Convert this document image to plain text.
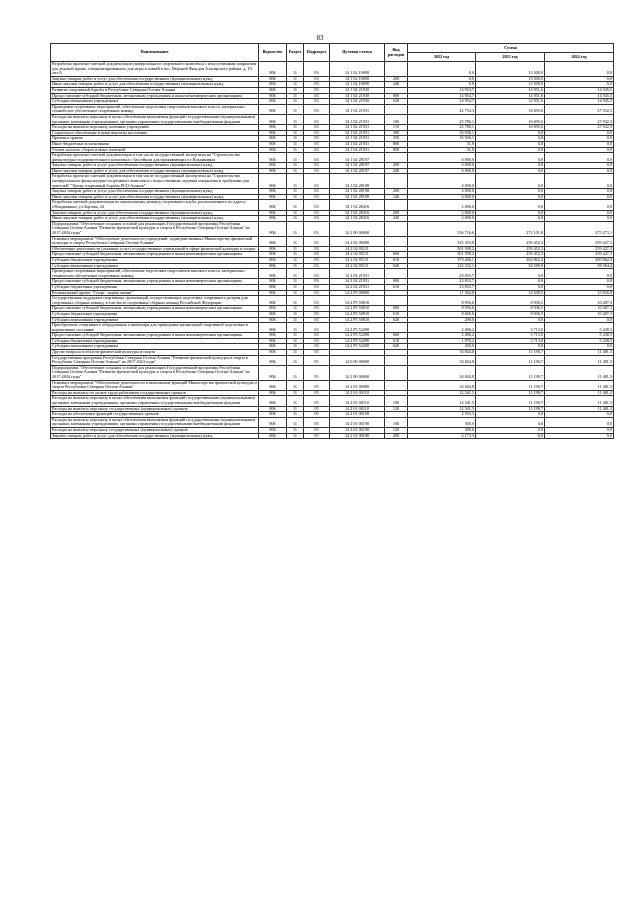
83
Наименование	Ведомство	Раздел	Подраздел	Целевая статья	Вид расходов	Сумма		
						2022 год	2023 год	2024 год
Разработка проектно-сметной документации универсального спортивного комплекса с искусственным покрытием для ледовой арены, специализированного для игры в хоккей в пос. Верхний Фиагдон Алагирского района, д. 10 лит.А	806	11	03	14 1 02 10690		0,0	13 500,0	0,0
Закупка товаров, работ и услуг для обеспечения государственных (муниципальных) нужд	806	11	03	14 1 02 10690	200	0,0	13 500,0	0,0
Иные закупки товаров, работ и услуг для обеспечения государственных (муниципальных) нужд	806	11	03	14 1 02 10690	240	0,0	13 500,0	0,0
Развитие спортивной борьбы в Республике Северная Осетия-Алания	806	11	03	14 1 02 21930		14 954,7	14 951,6	14 945,5
Предоставление субсидий бюджетным, автономным учреждениям и иным некоммерческим организациям	806	11	03	14 1 02 21930	600	14 954,7	14 951,6	14 945,5
Субсидии автономным учреждениям	806	11	03	14 1 02 21930	620	14 954,7	14 951,6	14 945,5
Проведение спортивных мероприятий, обеспечение подготовки спортсменов высокого класса, материально-техническое обеспечение спортивных команд	806	11	03	14 1 02 21931		42 754,3	16 695,6	27 932,5
Расходы на выплаты персоналу в целях обеспечения выполнения функций государственными (муниципальными) органами, казенными учреждениями, органами управления государственными внебюджетными фондами	806	11	03	14 1 02 21931	100	25 786,1	16 695,6	27 932,5
Расходы на выплаты персоналу казенных учреждений	806	11	03	14 1 02 21931	110	25 786,1	16 695,6	27 932,5
Социальное обеспечение и иные выплаты населению	806	11	03	14 1 02 21931	300	16 936,1	0,0	0,0
Премии и гранты	806	11	03	14 1 02 21931	350	16 936,1	0,0	0,0
Иные бюджетные ассигнования	806	11	03	14 1 02 21931	800	31,8	0,0	0,0
Уплата налогов, сборов и иных платежей	806	11	03	14 1 02 21931	850	31,8	0,0	0,0
Разработка проектно-сметной документации в том числе государственной экспертизы на "Строительство физкультурно-оздоровительного комплекса с бассейном для проживающих в г.Владикавказ	806	11	03	14 1 02 28197		6 000,0	0,0	0,0
Закупка товаров, работ и услуг для обеспечения государственных (муниципальных) нужд	806	11	03	14 1 02 28197	200	6 000,0	0,0	0,0
Иные закупки товаров, работ и услуг для обеспечения государственных (муниципальных) нужд	806	11	03	14 1 02 28197	240	6 000,0	0,0	0,0
Разработка проектно-сметной документации в том числе государственной экспертизы на "Строительство универсального физкультурно-спортивного комплекса с искусственным ледовым покрытием и трибунами для зрителей" "Центр спортивной борьбы РСО-Алания"	806	11	03	14 1 02 28198		4 000,0	0,0	0,0
Закупка товаров, работ и услуг для обеспечения государственных (муниципальных) нужд	806	11	03	14 1 02 28198	200	4 000,0	0,0	0,0
Иные закупки товаров, работ и услуг для обеспечения государственных (муниципальных) нужд	806	11	03	14 1 02 28198	240	4 000,0	0,0	0,0
Разработка сметной документации по капитальному ремонту спортивного клуба, расположенного по адресу: г.Владикавказ, ул.Зортова, 24	806	11	03	14 1 02 28416		2 000,0	0,0	0,0
Закупка товаров, работ и услуг для обеспечения государственных (муниципальных) нужд	806	11	03	14 1 02 28416	200	2 000,0	0,0	0,0
Иные закупки товаров, работ и услуг для обеспечения государственных (муниципальных) нужд	806	11	03	14 1 02 28416	240	2 000,0	0,0	0,0
Подпрограмма "Обеспечение создания условий для реализации Государственной программы Республики Северная Осетия-Алания "Развитие физической культуры и спорта в Республике Северная Осетия-Алания" на 2017-2024 годы"	806	11	03	14 2 00 00000		536 716,6	272 101,8	275 273,1
Основное мероприятие "Обеспечение деятельности учреждений, подведомственных Министерству физической культуры и спорта Республики Северная Осетия-Алания"	806	11	03	14 2 02 00000		525 353,8	259 452,3	259 427,3
Обеспечение деятельности (оказание услуг) государственных учреждений в сфере физической культуры и спорта	806	11	03	14 2 02 05111		501 598,2	259 452,3	259 427,3
Предоставление субсидий бюджетным, автономным учреждениям и иным некоммерческим организациям	806	11	03	14 2 02 05111	600	501 598,2	259 452,3	259 427,3
Субсидии бюджетным учреждениям	806	11	03	14 2 02 05111	610	379 266,1	204 862,4	200 862,9
Субсидии автономным учреждениям	806	11	03	14 2 02 05111	620	122 332,1	54 589,9	58 564,4
Проведение спортивных мероприятий, обеспечение подготовки спортсменов высокого класса, материально-техническое обеспечение спортивных команд	806	11	03	14 2 02 21931		23 833,7	0,0	0,0
Предоставление субсидий бюджетным, автономным учреждениям и иным некоммерческим организациям	806	11	03	14 2 02 21931	600	23 833,7	0,0	0,0
Субсидии бюджетным учреждениям	806	11	03	14 2 02 21931	610	23 833,7	0,0	0,0
Региональный проект "Спорт - норма жизни"	806	11	03	14 2 P5 00000		11 362,8	12 649,5	15 845,8
Государственная поддержка спортивных организаций, осуществляющих подготовку спортивного резерва для спортивных сборных команд, в том числе спортивных сборных команд Российской Федерации	806	11	03	14 2 P5 50810		8 956,6	8 936,5	10 407,3
Предоставление субсидий бюджетным, автономным учреждениям и иным некоммерческим организациям	806	11	03	14 2 P5 50810	600	8 956,6	8 936,5	10 407,3
Субсидии бюджетным учреждениям	806	11	03	14 2 P5 50810	610	8 666,6	8 936,5	10 407,3
Субсидии автономным учреждениям	806	11	03	14 2 P5 50810	620	290,0	0,0	0,0
Приобретение спортивного оборудования и инвентаря для приведения организаций спортивной подготовки в нормативное состояние	806	11	03	14 2 P5 52290		2 406,2	3 713,0	5 438,5
Предоставление субсидий бюджетным, автономным учреждениям и иным некоммерческим организациям	806	11	03	14 2 P5 52290	600	2 406,2	3 713,0	5 438,5
Субсидии бюджетным учреждениям	806	11	03	14 2 P5 52290	610	1 976,2	3 713,0	5 438,5
Субсидии автономным учреждениям	806	11	03	14 2 P5 52290	620	430,0	0,0	0,0
Другие вопросы в области физической культуры и спорта	806	11	05			34 844,8	11 190,7	11 481,3
Государственная программа Республики Северная Осетия-Алания "Развитие физической культуры и спорта в Республике Северная Осетия-Алания" на 2017-2024 годы"	806	11	05	14 0 00 00000		34 844,8	11 190,7	11 481,3
Подпрограмма "Обеспечение создания условий для реализации Государственной программы Республики Северная Осетия-Алания "Развитие физической культуры и спорта в Республике Северная Осетия-Алания" на 2017-2024 годы"	806	11	05	14 2 00 00000		34 844,8	11 190,7	11 481,3
Основное мероприятие "Обеспечение деятельности и выполнение функций Министерства физической культуры и спорта Республики Северная Осетия-Алания"	806	11	05	14 2 01 00000		34 844,8	11 190,7	11 481,3
Расходы на выплаты по оплате труда работников государственных органов	806	11	05	14 2 01 00110		12 541,5	11 190,7	11 481,3
Расходы на выплаты персоналу в целях обеспечения выполнения функций государственными (муниципальными) органами, казенными учреждениями, органами управления государственными внебюджетными фондами	806	11	05	14 2 01 00110	100	12 541,5	11 190,7	11 481,3
Расходы на выплаты персоналу государственных (муниципальных) органов	806	11	05	14 2 01 00110	120	12 541,5	11 190,7	11 481,3
Расходы на обеспечение функций государственных органов	806	11	05	14 2 01 00190		2 503,3	0,0	0,0
Расходы на выплаты персоналу в целях обеспечения выполнения функций государственными (муниципальными) органами, казенными учреждениями, органами управления государственными внебюджетными фондами	806	11	05	14 2 01 00190	100	300,0	0,0	0,0
Расходы на выплаты персоналу государственных (муниципальных) органов	806	11	05	14 2 01 00190	120	300,0	0,0	0,0
Закупка товаров, работ и услуг для обеспечения государственных (муниципальных) нужд	806	11	05	14 2 01 00190	200	2 173,3	0,0	0,0
